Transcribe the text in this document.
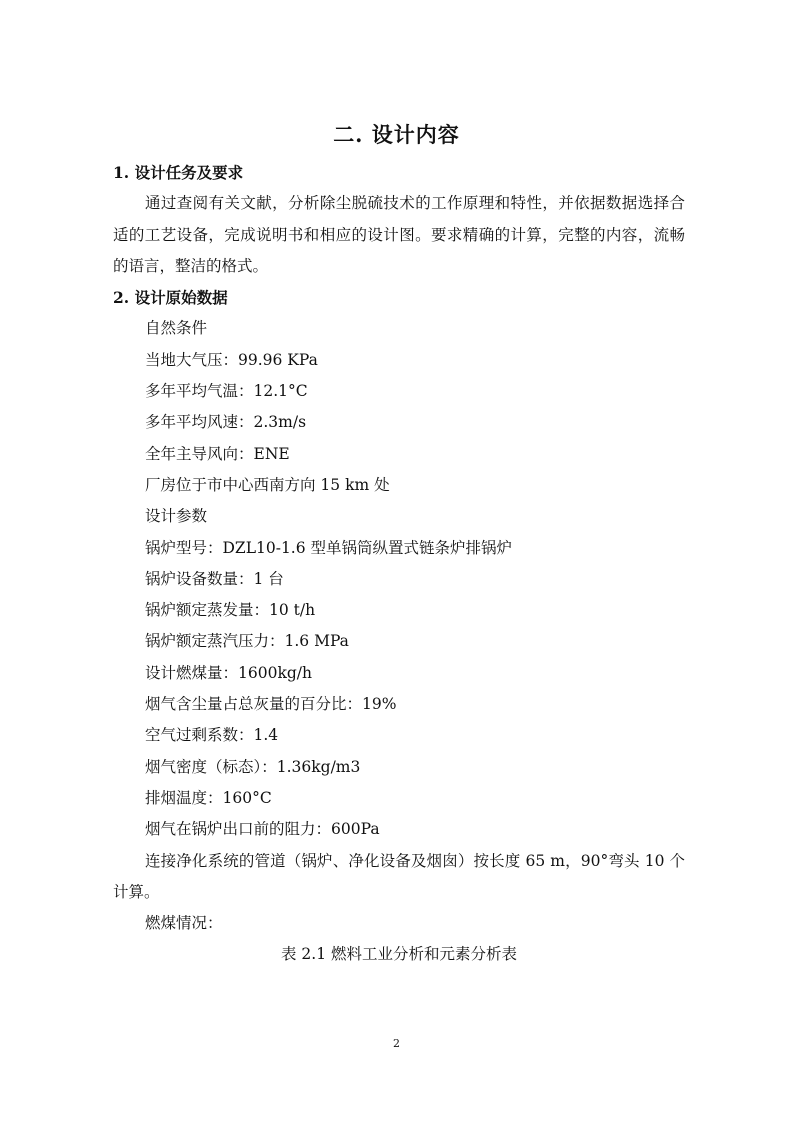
二. 设计内容

1. 设计任务及要求

通过查阅有关文献，分析除尘脱硫技术的工作原理和特性，并依据数据选择合适的工艺设备，完成说明书和相应的设计图。要求精确的计算，完整的内容，流畅的语言，整洁的格式。

2. 设计原始数据

自然条件

当地大气压：99.96 KPa

多年平均气温：12.1°C

多年平均风速：2.3m/s

全年主导风向：ENE

厂房位于市中心西南方向 15 km 处

设计参数

锅炉型号：DZL10-1.6 型单锅筒纵置式链条炉排锅炉

锅炉设备数量：1 台

锅炉额定蒸发量：10 t/h

锅炉额定蒸汽压力：1.6 MPa

设计燃煤量：1600kg/h

烟气含尘量占总灰量的百分比：19%

空气过剩系数：1.4

烟气密度（标态）：1.36kg/m3

排烟温度：160°C

烟气在锅炉出口前的阻力：600Pa

连接净化系统的管道（锅炉、净化设备及烟囱）按长度 65 m，90°弯头 10 个计算。

燃煤情况：

表 2.1 燃料工业分析和元素分析表

2
